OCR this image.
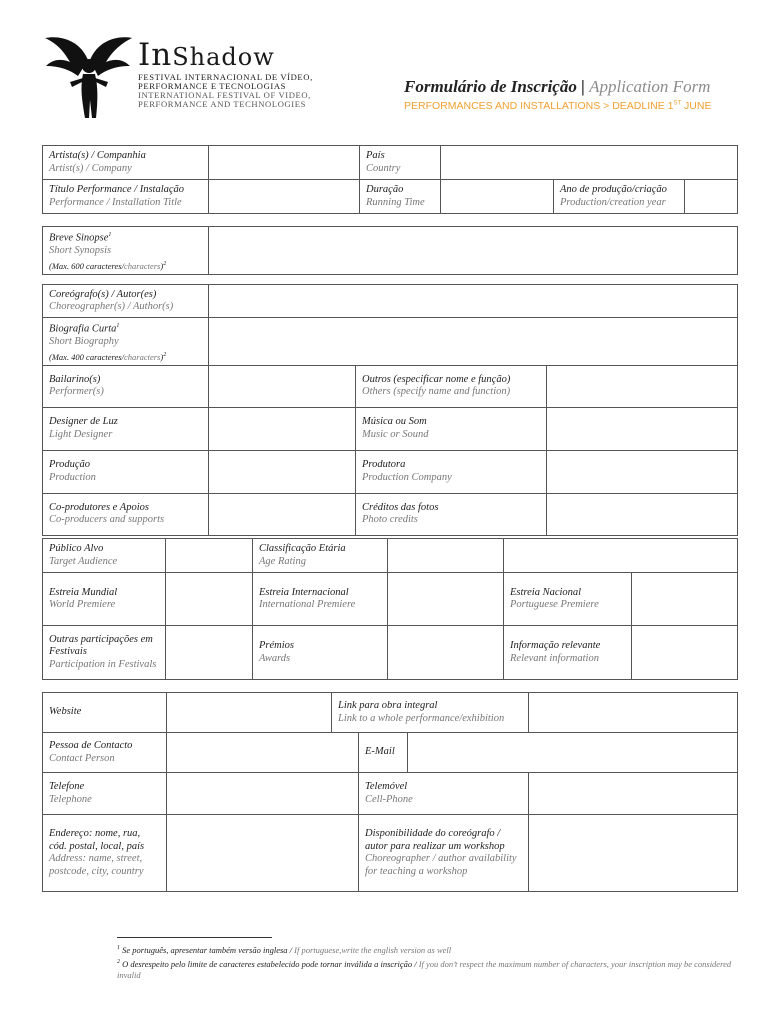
InShadow
FESTIVAL INTERNACIONAL DE VÍDEO,
PERFORMANCE E TECNOLOGIAS
INTERNATIONAL FESTIVAL OF VIDEO,
PERFORMANCE AND TECHNOLOGIES
Formulário de Inscrição | Application Form
PERFORMANCES AND INSTALLATIONS > DEADLINE 1ST JUNE
Artista(s) / Companhia
Artist(s) / Company		País
Country			

Título Performance / Instalação
Performance / Installation Title		Duração
Running Time		Ano de produção/criação
Production/creation year	

Breve Sinopse$^1$
Short Synopsis
(Max. 600 caracteres/characters)$^2$

Coreógrafo(s) / Autor(es)
Choreographer(s) / Author(s)			

Biografia Curta$^1$
Short Biography
(Max. 400 caracteres/characters)$^2$

Bailarino(s)
Performer(s)		Outros (especificar nome e função)
Others (specify name and function)	

Designer de Luz
Light Designer		Música ou Som
Music or Sound	

Produção
Production		Produtora
Production Company	

Co-produtores e Apoios
Co-producers and supports		Créditos das fotos
Photo credits	

Público Alvo
Target Audience		Classificação Etária
Age Rating			

Estreia Mundial
World Premiere		Estreia Internacional
International Premiere		Estreia Nacional
Portuguese Premiere	

Outras participações em Festivais
Participation in Festivals		Prémios
Awards		Informação relevante
Relevant information	

Website		Link para obra integral
Link to a whole performance/exhibition			

Pessoa de Contacto
Contact Person			E-Mail		

Telefone
Telephone			Telemóvel
Cell-Phone		

Endereço: nome, rua, cód. postal, local, país
Address: name, street, postcode, city, country			Disponibilidade do coreógrafo / autor para realizar um workshop
Choreographer / author availability for teaching a workshop		

$^1$ Se português, apresentar também versão inglesa / If portuguese,write the english version as well
$^2$ O desrespeito pelo limite de caracteres estabelecido pode tornar inválida a inscrição / If you don’t respect the maximum number of characters, your inscription may be considered invalid
